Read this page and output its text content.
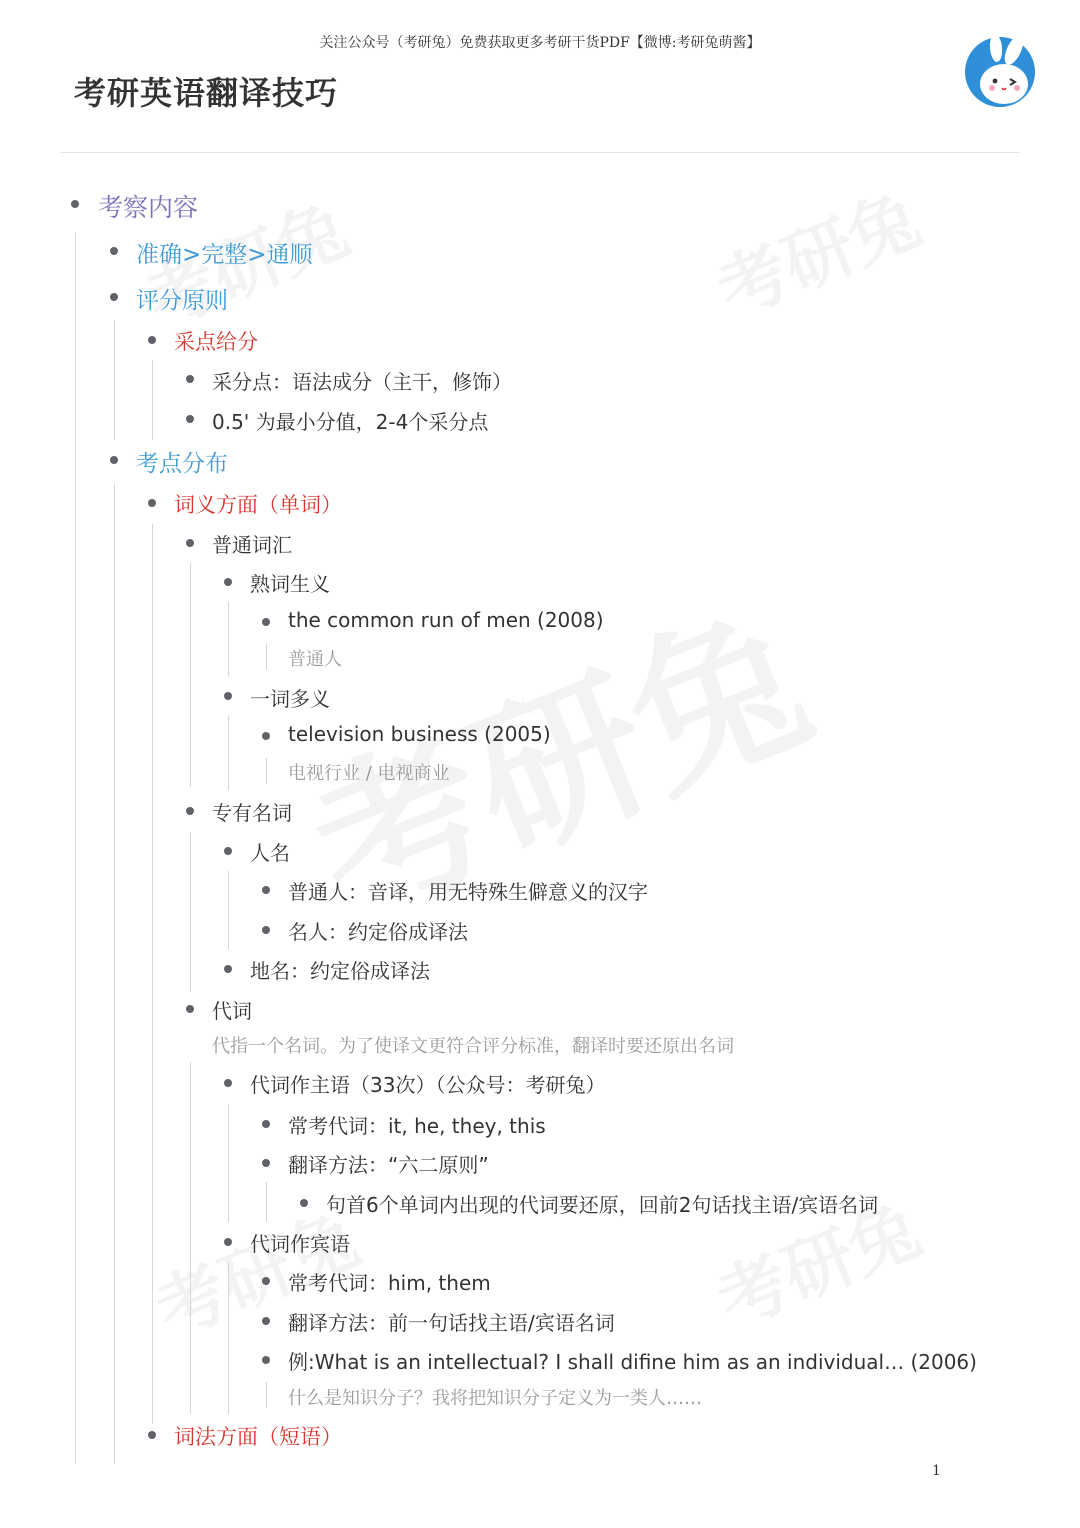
关注公众号（考研兔）免费获取更多考研干货PDF【微博:考研兔萌酱】
考研英语翻译技巧
考察内容
准确>完整>通顺
评分原则
采点给分
采分点：语法成分（主干，修饰）
0.5' 为最小分值，2-4个采分点
考点分布
词义方面（单词）
普通词汇
熟词生义
the common run of men (2008)
普通人
一词多义
television business (2005)
电视行业 / 电视商业
专有名词
人名
普通人：音译，用无特殊生僻意义的汉字
名人：约定俗成译法
地名：约定俗成译法
代词
代指一个名词。为了使译文更符合评分标准，翻译时要还原出名词
代词作主语（33次）（公众号：考研兔）
常考代词：it, he, they, this
翻译方法：“六二原则”
句首6个单词内出现的代词要还原，回前2句话找主语/宾语名词
代词作宾语
常考代词：him, them
翻译方法：前一句话找主语/宾语名词
例:What is an intellectual? I shall difine him as an individual… (2006)
什么是知识分子？我将把知识分子定义为一类人……
词法方面（短语）
1
